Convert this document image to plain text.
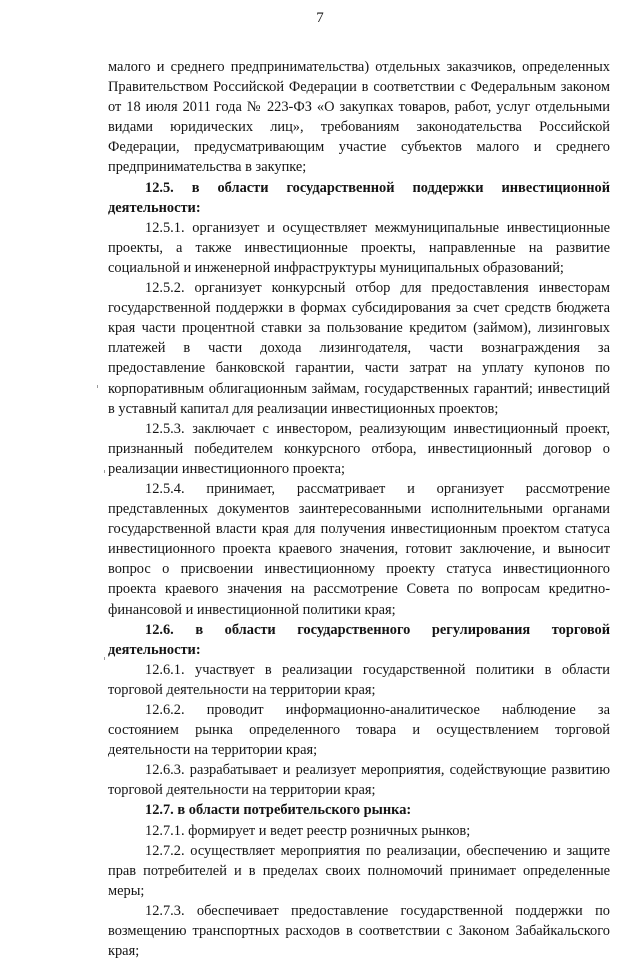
7

малого и среднего предпринимательства) отдельных заказчиков, определенных Правительством Российской Федерации в соответствии с Федеральным законом от 18 июля 2011 года № 223-ФЗ «О закупках товаров, работ, услуг отдельными видами юридических лиц», требованиям законодательства Российской Федерации, предусматривающим участие субъектов малого и среднего предпринимательства в закупке;

12.5. в области государственной поддержки инвестиционной деятельности:

12.5.1. организует и осуществляет межмуниципальные инвестиционные проекты, а также инвестиционные проекты, направленные на развитие социальной и инженерной инфраструктуры муниципальных образований;

12.5.2. организует конкурсный отбор для предоставления инвесторам государственной поддержки в формах субсидирования за счет средств бюджета края части процентной ставки за пользование кредитом (займом), лизинговых платежей в части дохода лизингодателя, части вознаграждения за предоставление банковской гарантии, части затрат на уплату купонов по корпоративным облигационным займам, государственных гарантий; инвестиций в уставный капитал для реализации инвестиционных проектов;

12.5.3. заключает с инвестором, реализующим инвестиционный проект, признанный победителем конкурсного отбора, инвестиционный договор о реализации инвестиционного проекта;

12.5.4. принимает, рассматривает и организует рассмотрение представленных документов заинтересованными исполнительными органами государственной власти края для получения инвестиционным проектом статуса инвестиционного проекта краевого значения, готовит заключение, и выносит вопрос о присвоении инвестиционному проекту статуса инвестиционного проекта краевого значения на рассмотрение Совета по вопросам кредитно-финансовой и инвестиционной политики края;

12.6. в области государственного регулирования торговой деятельности:

12.6.1. участвует в реализации государственной политики в области торговой деятельности на территории края;

12.6.2. проводит информационно-аналитическое наблюдение за состоянием рынка определенного товара и осуществлением торговой деятельности на территории края;

12.6.3. разрабатывает и реализует мероприятия, содействующие развитию торговой деятельности на территории края;

12.7. в области потребительского рынка:

12.7.1. формирует и ведет реестр розничных рынков;

12.7.2. осуществляет мероприятия по реализации, обеспечению и защите прав потребителей и в пределах своих полномочий принимает определенные меры;

12.7.3. обеспечивает предоставление государственной поддержки по возмещению транспортных расходов в соответствии с Законом Забайкальского края;
